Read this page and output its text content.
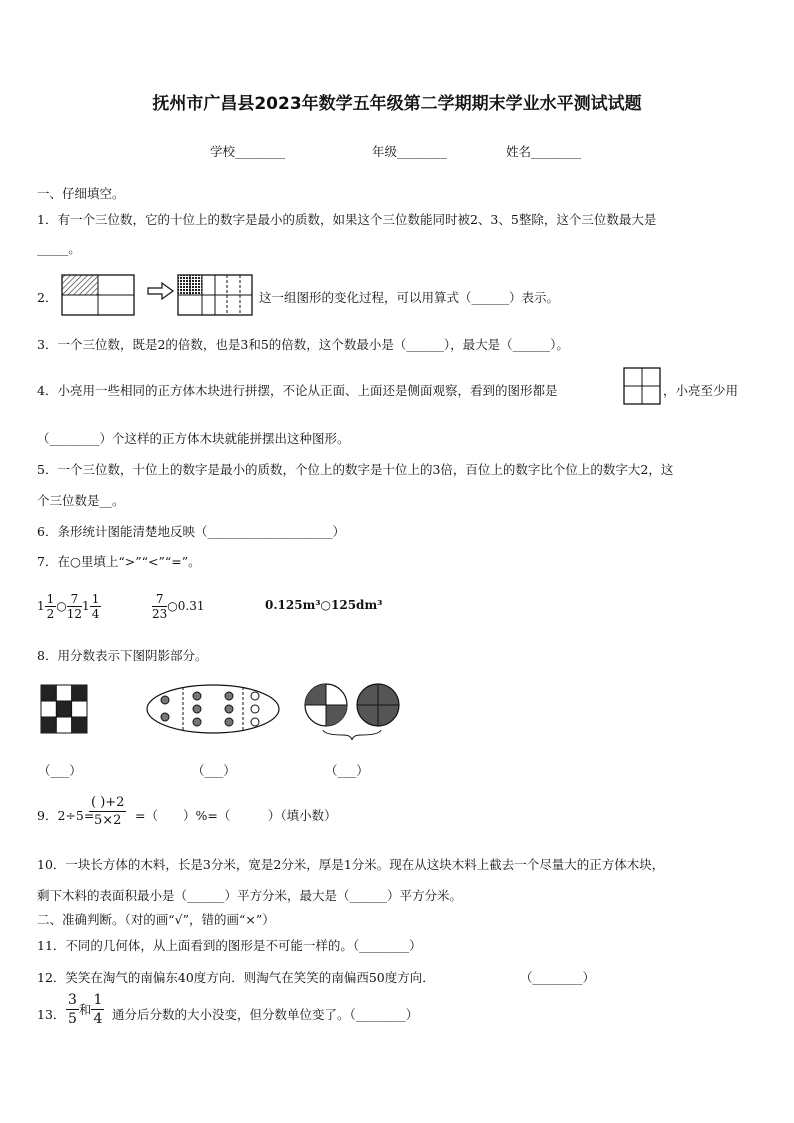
抚州市广昌县2023年数学五年级第二学期期末学业水平测试试题
学校________	年级________	姓名________
一、仔细填空。
1．有一个三位数，它的十位上的数字是最小的质数，如果这个三位数能同时被2、3、5整除，这个三位数最大是
_____。
2．	这一组图形的变化过程，可以用算式（______）表示。
3．一个三位数，既是2的倍数，也是3和5的倍数，这个数最小是（______），最大是（______）。
4．小亮用一些相同的正方体木块进行拼摆，不论从正面、上面还是侧面观察，看到的图形都是	，小亮至少用
（________）个这样的正方体木块就能拼摆出这种图形。
5．一个三位数，十位上的数字是最小的质数，个位上的数字是十位上的3倍，百位上的数字比个位上的数字大2，这
个三位数是__。
6．条形统计图能清楚地反映（____________________）
7．在○里填上“>”“<”“=”。
$1 \frac{1}{2}$ ○ $\frac{7}{12} 1 \frac{1}{4}$	$\frac{7}{23}$ ○0.31	0.125m³○125dm³
8．用分数表示下图阴影部分。
（___）	（___）	（___）
9．2÷5=
$\frac{( )+2}{5\times 2}$ =（　　）%=（　　　）（填小数）
10．一块长方体的木料，长是3分米，宽是2分米，厚是1分米。现在从这块木料上截去一个尽量大的正方体木块，
剩下木料的表面积最小是（______）平方分米，最大是（______）平方分米。
二、准确判断。（对的画“√”，错的画“×”）
11．不同的几何体，从上面看到的图形是不可能一样的。（________）
12．笑笑在淘气的南偏东40度方向．则淘气在笑笑的南偏西50度方向．	（________）
13． $\frac{3}{5}$ 和 $\frac{1}{4}$ 通分后分数的大小没变，但分数单位变了。（________）
